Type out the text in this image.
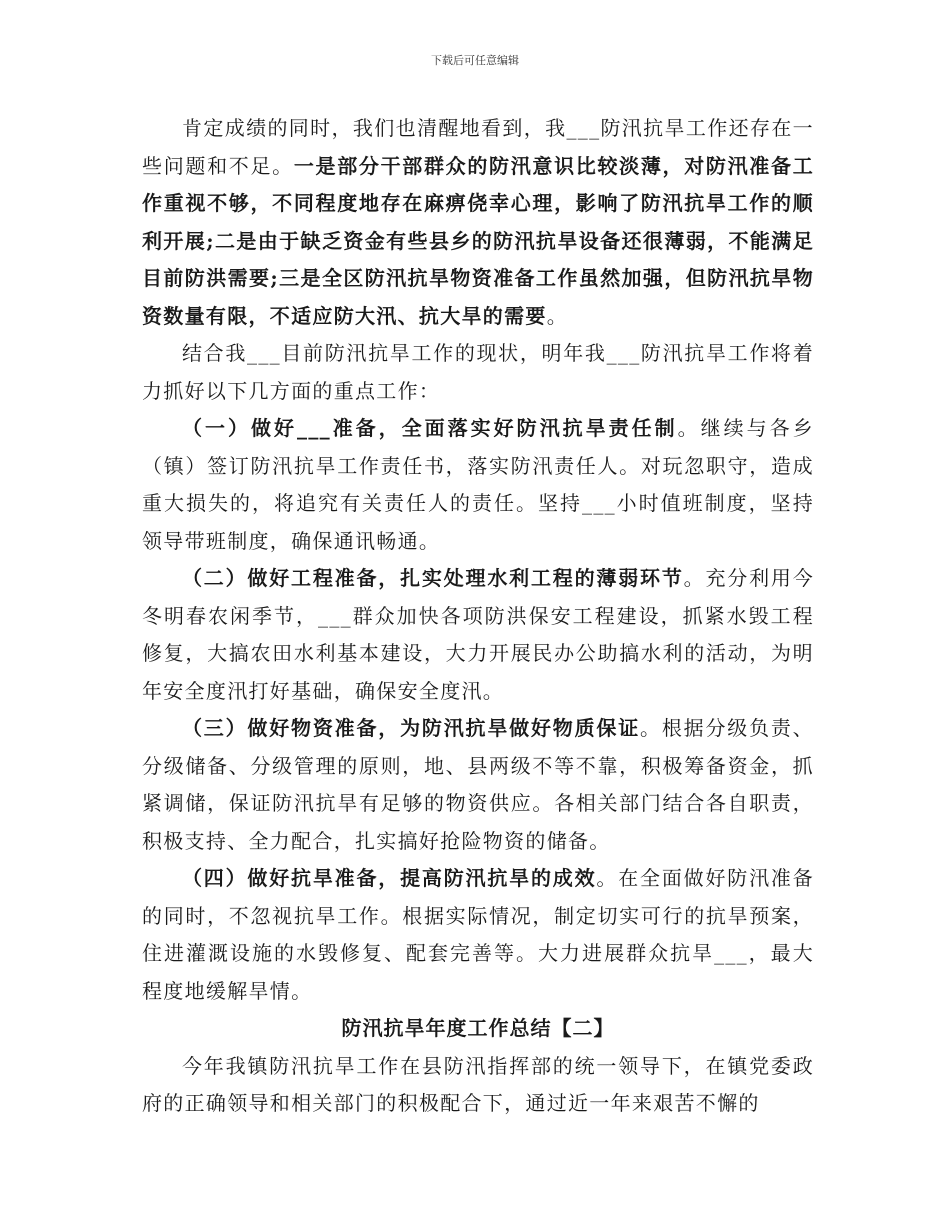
下载后可任意编辑

肯定成绩的同时，我们也清醒地看到，我___防汛抗旱工作还存在一些问题和不足。一是部分干部群众的防汛意识比较淡薄，对防汛准备工作重视不够，不同程度地存在麻痹侥幸心理，影响了防汛抗旱工作的顺利开展;二是由于缺乏资金有些县乡的防汛抗旱设备还很薄弱，不能满足目前防洪需要;三是全区防汛抗旱物资准备工作虽然加强，但防汛抗旱物资数量有限，不适应防大汛、抗大旱的需要。

结合我___目前防汛抗旱工作的现状，明年我___防汛抗旱工作将着力抓好以下几方面的重点工作：

（一）做好___准备，全面落实好防汛抗旱责任制。继续与各乡（镇）签订防汛抗旱工作责任书，落实防汛责任人。对玩忽职守，造成重大损失的，将追究有关责任人的责任。坚持___小时值班制度，坚持领导带班制度，确保通讯畅通。

（二）做好工程准备，扎实处理水利工程的薄弱环节。充分利用今冬明春农闲季节，___群众加快各项防洪保安工程建设，抓紧水毁工程修复，大搞农田水利基本建设，大力开展民办公助搞水利的活动，为明年安全度汛打好基础，确保安全度汛。

（三）做好物资准备，为防汛抗旱做好物质保证。根据分级负责、分级储备、分级管理的原则，地、县两级不等不靠，积极筹备资金，抓紧调储，保证防汛抗旱有足够的物资供应。各相关部门结合各自职责，积极支持、全力配合，扎实搞好抢险物资的储备。

（四）做好抗旱准备，提高防汛抗旱的成效。在全面做好防汛准备的同时，不忽视抗旱工作。根据实际情况，制定切实可行的抗旱预案，住进灌溉设施的水毁修复、配套完善等。大力进展群众抗旱___，最大程度地缓解旱情。

防汛抗旱年度工作总结【二】

今年我镇防汛抗旱工作在县防汛指挥部的统一领导下，在镇党委政府的正确领导和相关部门的积极配合下，通过近一年来艰苦不懈的
